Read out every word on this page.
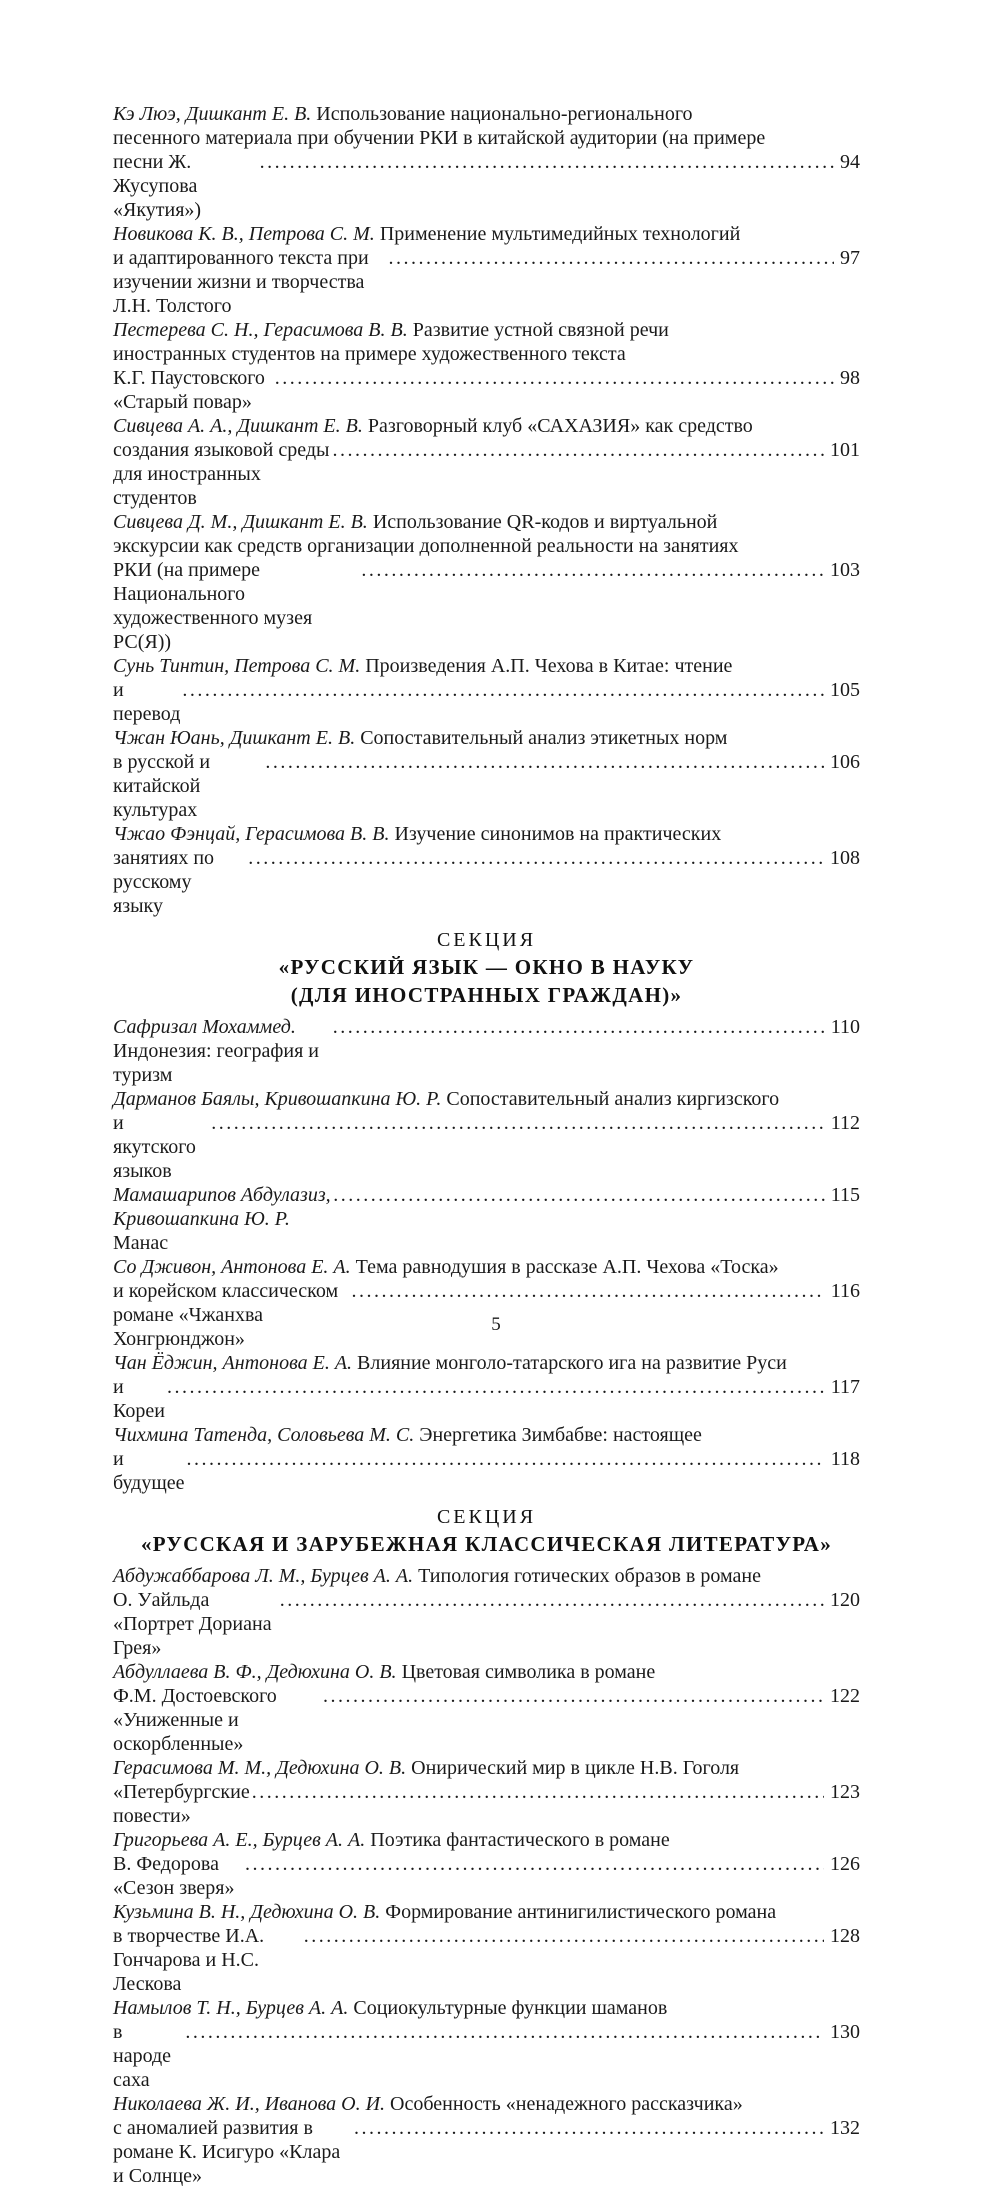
Кэ Люэ, Дишкант Е. В. Использование национально-регионального
песенного материала при обучении РКИ в китайской аудитории (на примере
песни Ж. Жусупова «Якутия»)
.....
94
Новикова К. В., Петрова С. М. Применение мультимедийных технологий
и адаптированного текста при изучении жизни и творчества Л.Н. Толстого
.....
97
Пестерева С. Н., Герасимова В. В. Развитие устной связной речи
иностранных студентов на примере художественного текста
К.Г. Паустовского «Старый повар»
.....
98
Сивцева А. А., Дишкант Е. В. Разговорный клуб «САХАЗИЯ» как средство
создания языковой среды для иностранных студентов
.....
101
Сивцева Д. М., Дишкант Е. В. Использование QR-кодов и виртуальной
экскурсии как средств организации дополненной реальности на занятиях
РКИ (на примере Национального художественного музея РС(Я))
.....
103
Сунь Тинтин, Петрова С. М. Произведения А.П. Чехова в Китае: чтение
и перевод
.....
105
Чжан Юань, Дишкант Е. В. Сопоставительный анализ этикетных норм
в русской и китайской культурах
.....
106
Чжао Фэнцай, Герасимова В. В. Изучение синонимов на практических
занятиях по русскому языку
.....
108
СЕКЦИЯ
«РУССКИЙ ЯЗЫК — ОКНО В НАУКУ
(ДЛЯ ИНОСТРАННЫХ ГРАЖДАН)»
Сафризал Мохаммед. Индонезия: география и туризм
.....
110
Дарманов Баялы, Кривошапкина Ю. Р. Сопоставительный анализ киргизского
и якутского языков
.....
112
Мамашарипов Абдулазиз, Кривошапкина Ю. Р. Манас
.....
115
Со Дживон, Антонова Е. А. Тема равнодушия в рассказе А.П. Чехова «Тоска»
и корейском классическом романе «Чжанхва Хонгрюнджон»
.....
116
Чан Ёджин, Антонова Е. А. Влияние монголо-татарского ига на развитие Руси
и Кореи
.....
117
Чихмина Татенда, Соловьева М. С. Энергетика Зимбабве: настоящее
и будущее
.....
118
СЕКЦИЯ
«РУССКАЯ И ЗАРУБЕЖНАЯ КЛАССИЧЕСКАЯ ЛИТЕРАТУРА»
Абдужаббарова Л. М., Бурцев А. А. Типология готических образов в романе
О. Уайльда «Портрет Дориана Грея»
.....
120
Абдуллаева В. Ф., Дедюхина О. В. Цветовая символика в романе
Ф.М. Достоевского «Униженные и оскорбленные»
.....
122
Герасимова М. М., Дедюхина О. В. Онирический мир в цикле Н.В. Гоголя
«Петербургские повести»
.....
123
Григорьева А. Е., Бурцев А. А. Поэтика фантастического в романе
В. Федорова «Сезон зверя»
.....
126
Кузьмина В. Н., Дедюхина О. В. Формирование антинигилистического романа
в творчестве И.А. Гончарова и Н.С. Лескова
.....
128
Намылов Т. Н., Бурцев А. А. Социокультурные функции шаманов
в народе саха
.....
130
Николаева Ж. И., Иванова О. И. Особенность «ненадежного рассказчика»
с аномалией развития в романе К. Исигуро «Клара и Солнце»
.....
132
5
